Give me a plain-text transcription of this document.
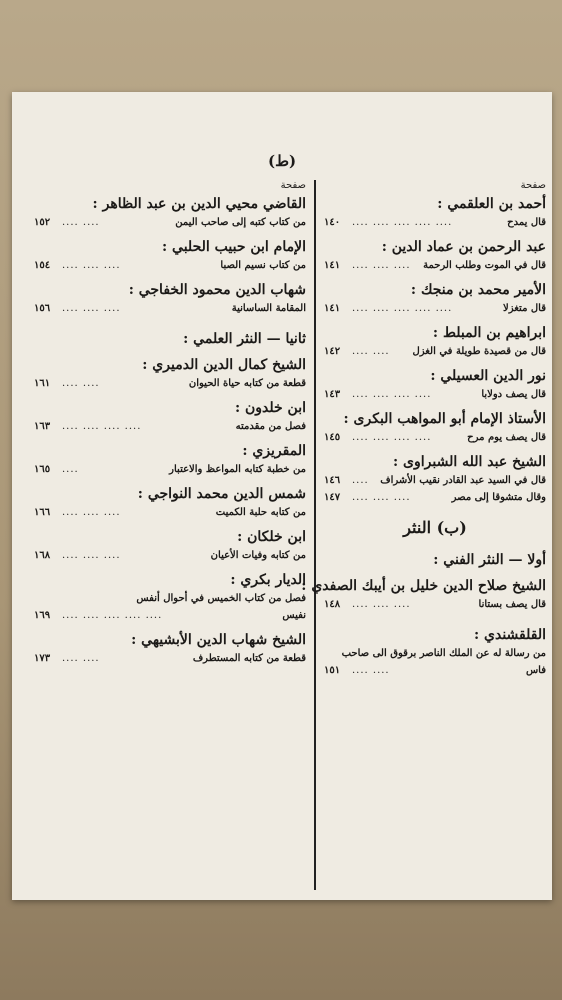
(ط)
صفحة
أحمد بن العلقمي :
قال يمدح
.... .... .... .... ....
١٤٠
عبد الرحمن بن عماد الدين :
قال في الموت وطلب الرحمة
.... .... ....
١٤١
الأمير محمد بن منجك :
قال متغزلا
.... .... .... .... ....
١٤١
ابراهيم بن المبلط :
قال من قصيدة طويلة في الغزل
.... ....
١٤٢
نور الدين العسيلي :
قال يصف دولابا
.... .... .... ....
١٤٣
الأستاذ الإمام أبو المواهب البكرى :
قال يصف يوم مرح
.... .... .... ....
١٤٥
الشيخ عبد الله الشبراوى :
قال في السيد عبد القادر نقيب الأشراف
....
١٤٦
وقال متشوقا إلى مصر
.... .... ....
١٤٧
(ب) النثر
أولا — النثر الفني :
الشيخ صلاح الدين خليل بن أيبك الصفدي :
قال يصف بستانا
.... .... ....
١٤٨
القلقشندي :
من رسالة له عن الملك الناصر برقوق الى صاحب فاس
.... ....
١٥١
صفحة
القاضي محيي الدين بن عبد الظاهر :
من كتاب كتبه إلى صاحب اليمن
.... ....
١٥٢
الإمام ابن حبيب الحلبي :
من كتاب نسيم الصبا
.... .... ....
١٥٤
شهاب الدين محمود الخفاجي :
المقامة الساسانية
.... .... ....
١٥٦
ثانيا — النثر العلمي :
الشيخ كمال الدين الدميري :
قطعة من كتابه حياة الحيوان
.... ....
١٦١
ابن خلدون :
فصل من مقدمته
.... .... .... ....
١٦٣
المقريزي :
من خطبة كتابه المواعظ والاعتبار
....
١٦٥
شمس الدين محمد النواجي :
من كتابه حلبة الكميت
.... .... ....
١٦٦
ابن خلكان :
من كتابه وفيات الأعيان
.... .... ....
١٦٨
الديار بكري :
فصل من كتاب الخميس في أحوال أنفس
نفيس
.... .... .... .... ....
١٦٩
الشيخ شهاب الدين الأبشيهي :
قطعة من كتابه المستطرف
.... ....
١٧٣
